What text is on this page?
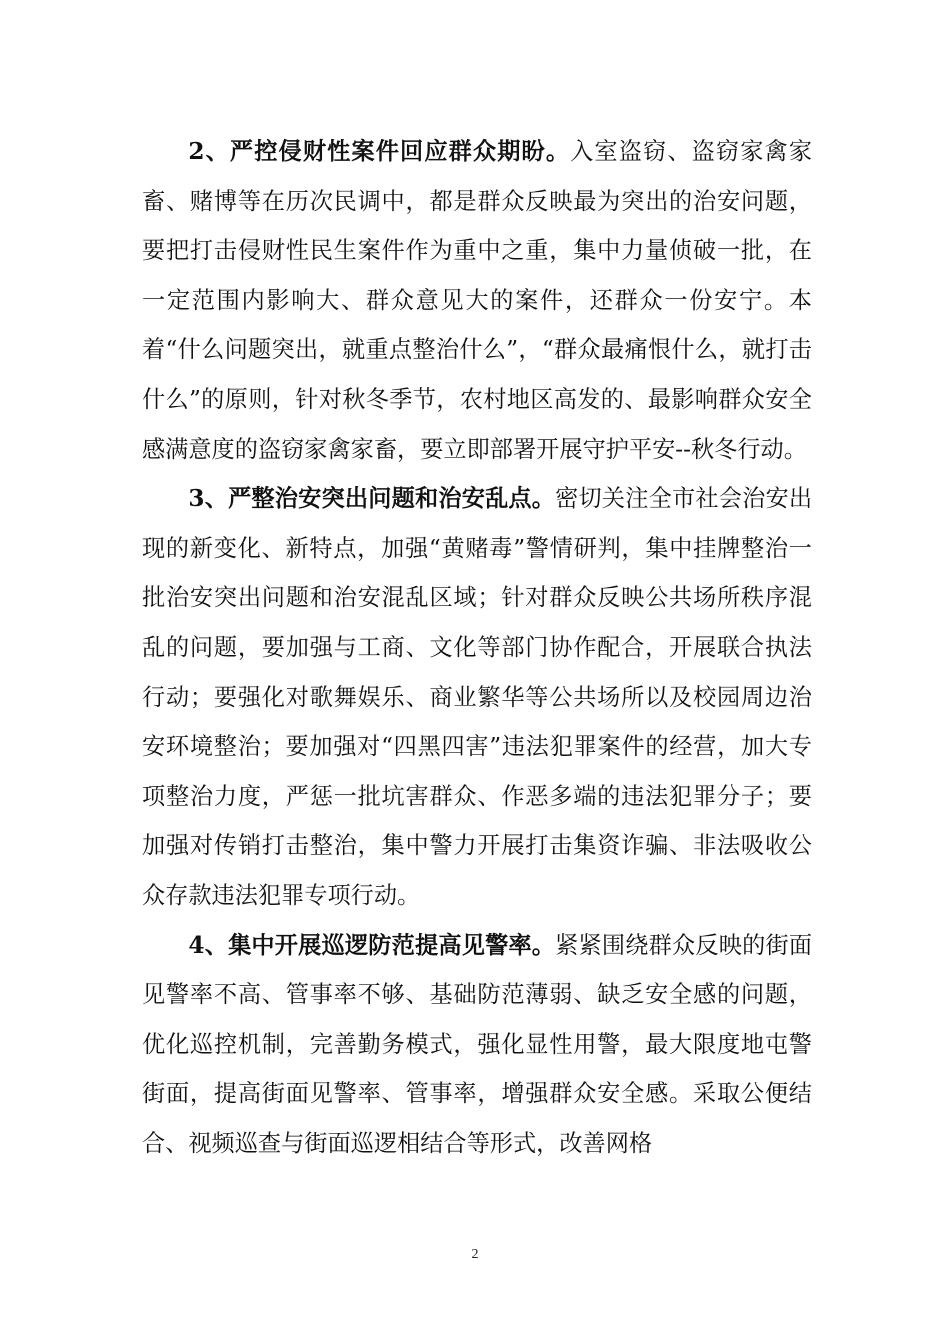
2、严控侵财性案件回应群众期盼。入室盗窃、盗窃家禽家畜、赌博等在历次民调中，都是群众反映最为突出的治安问题，要把打击侵财性民生案件作为重中之重，集中力量侦破一批，在一定范围内影响大、群众意见大的案件，还群众一份安宁。本着“什么问题突出，就重点整治什么”，“群众最痛恨什么，就打击什么”的原则，针对秋冬季节，农村地区高发的、最影响群众安全感满意度的盗窃家禽家畜，要立即部署开展守护平安--秋冬行动。

3、严整治安突出问题和治安乱点。密切关注全市社会治安出现的新变化、新特点，加强“黄赌毒”警情研判，集中挂牌整治一批治安突出问题和治安混乱区域；针对群众反映公共场所秩序混乱的问题，要加强与工商、文化等部门协作配合，开展联合执法行动；要强化对歌舞娱乐、商业繁华等公共场所以及校园周边治安环境整治；要加强对“四黑四害”违法犯罪案件的经营，加大专项整治力度，严惩一批坑害群众、作恶多端的违法犯罪分子；要加强对传销打击整治，集中警力开展打击集资诈骗、非法吸收公众存款违法犯罪专项行动。

4、集中开展巡逻防范提高见警率。紧紧围绕群众反映的街面见警率不高、管事率不够、基础防范薄弱、缺乏安全感的问题，优化巡控机制，完善勤务模式，强化显性用警，最大限度地屯警街面，提高街面见警率、管事率，增强群众安全感。采取公便结合、视频巡查与街面巡逻相结合等形式，改善网格

2
